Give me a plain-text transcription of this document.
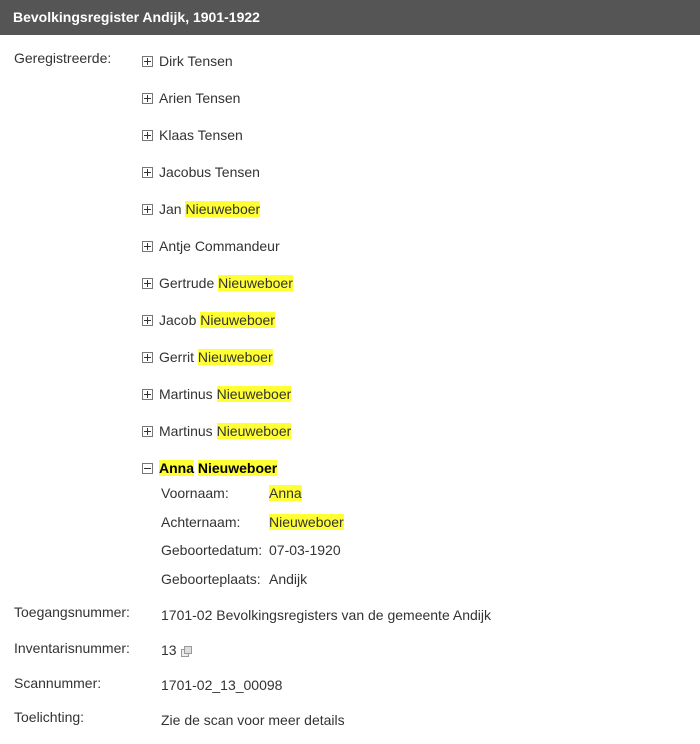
Bevolkingsregister Andijk, 1901-1922
Geregistreerde:	Dirk Tensen
Arien Tensen
Klaas Tensen
Jacobus Tensen
Jan Nieuweboer
Antje Commandeur
Gertrude Nieuweboer
Jacob Nieuweboer
Gerrit Nieuweboer
Martinus Nieuweboer
Martinus Nieuweboer
Anna Nieuweboer
Voornaam:	Anna
Achternaam: Nieuweboer
Geboortedatum: 07-03-1920
Geboorteplaats: Andijk
Toegangsnummer: 1701-02 Bevolkingsregisters van de gemeente Andijk
Inventarisnummer: 13
Scannummer:	1701-02_13_00098
Toelichting:	Zie de scan voor meer details
